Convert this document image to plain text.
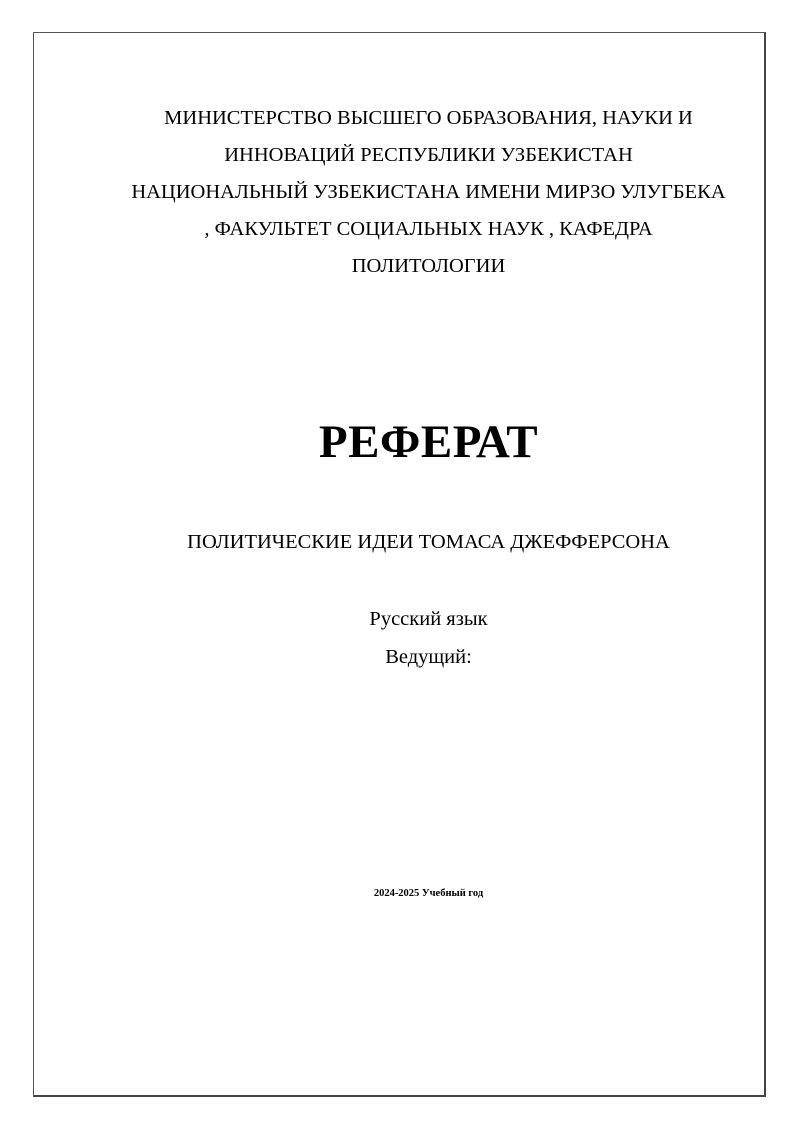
МИНИСТЕРСТВО ВЫСШЕГО ОБРАЗОВАНИЯ, НАУКИ И
ИННОВАЦИЙ РЕСПУБЛИКИ УЗБЕКИСТАН
НАЦИОНАЛЬНЫЙ УЗБЕКИСТАНА ИМЕНИ МИРЗО УЛУГБЕКА
, ФАКУЛЬТЕТ СОЦИАЛЬНЫХ НАУК , КАФЕДРА
ПОЛИТОЛОГИИ
РЕФЕРАТ
ПОЛИТИЧЕСКИЕ ИДЕИ ТОМАСА ДЖЕФФЕРСОНА
Русский язык
Ведущий:
2024-2025 Учебный год
